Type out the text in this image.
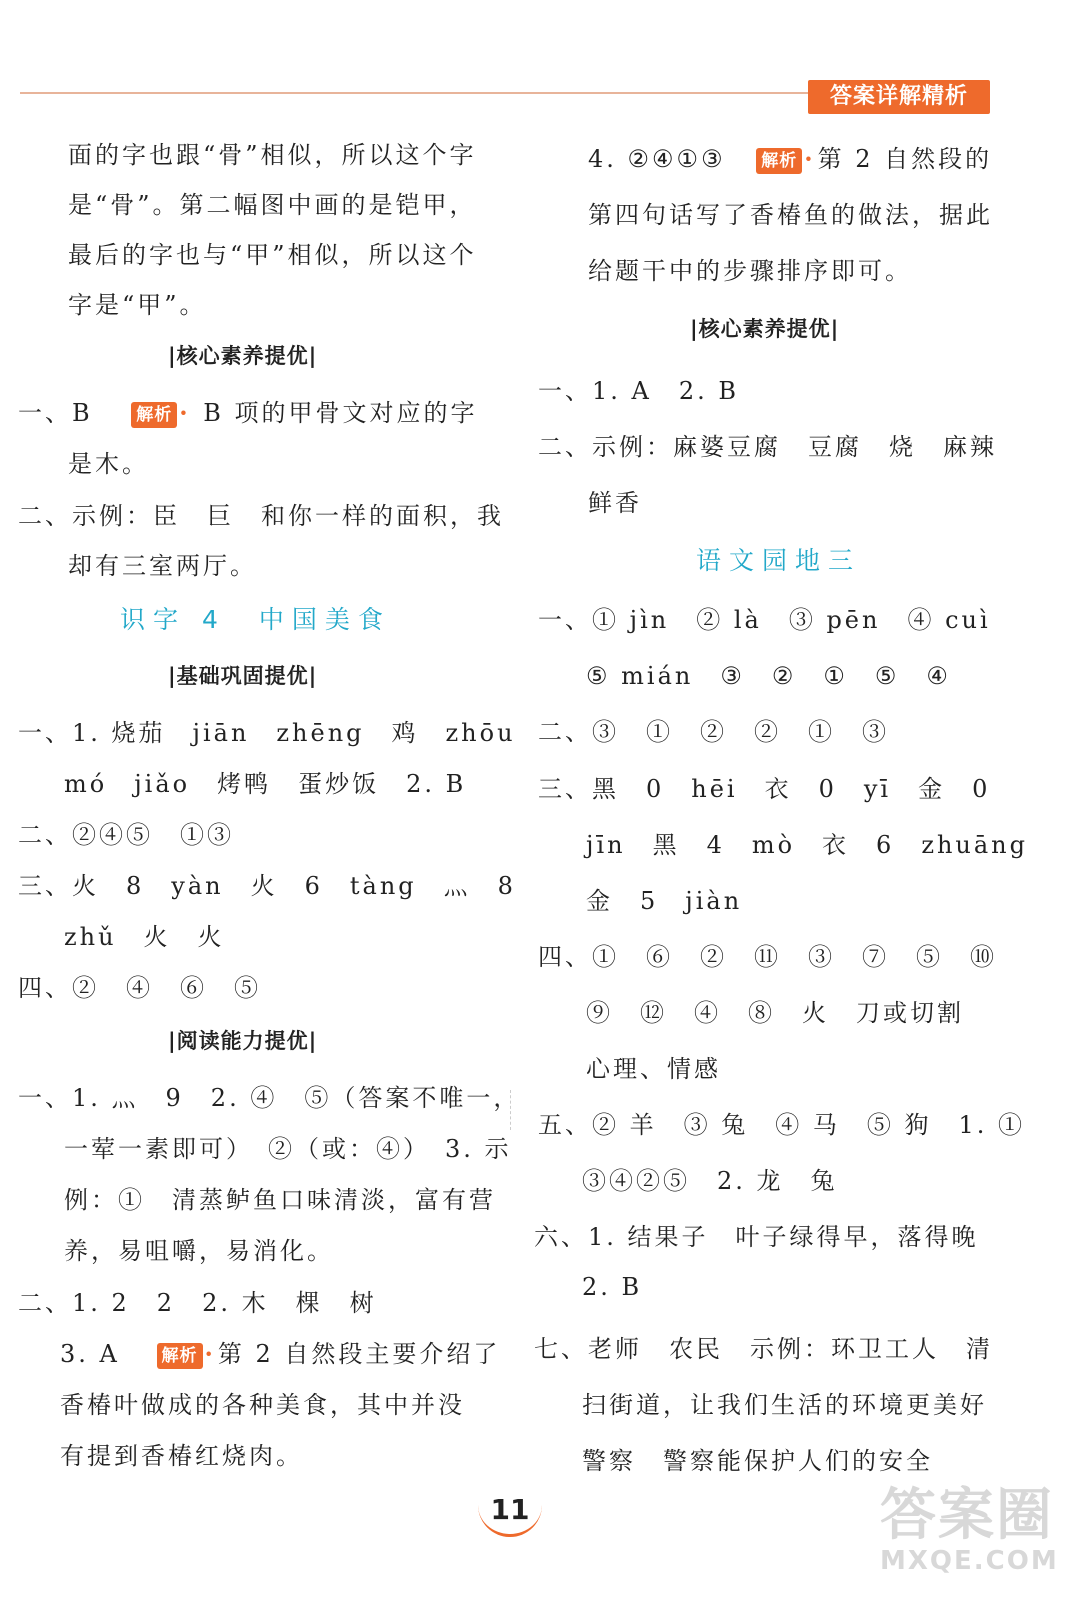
答案详解精析
面的字也跟“骨”相似，所以这个字
是“骨”。第二幅图中画的是铠甲，
最后的字也与“甲”相似，所以这个
字是“甲”。
|核心素养提优|
一、B	解析 · B 项的甲骨文对应的字
是木。
二、示例：臣　巨　和你一样的面积，我
却有三室两厅。
识字 4　中国美食
|基础巩固提优|
一、1. 烧茄　jiān　zhēng　鸡　zhōu
mó　jiǎo　烤鸭　蛋炒饭　2. B
二、②④⑤　①③
三、火　8　yàn　火　6　tàng　灬　8
zhǔ　火　火
四、②　④　⑥　⑤
|阅读能力提优|
一、1. 灬　9　2. ④　⑤（答案不唯一，
一荤一素即可）　②（或：④）　3. 示
例：①　清蒸鲈鱼口味清淡，富有营
养，易咀嚼，易消化。
二、1. 2　2　2. 木　棵　树
3. A 解析 ·第 2 自然段主要介绍了
香椿叶做成的各种美食，其中并没
有提到香椿红烧肉。
4. ②④①③ 解析 ·第 2 自然段的
第四句话写了香椿鱼的做法，据此
给题干中的步骤排序即可。
|核心素养提优|
一、1. A　2. B
二、示例：麻婆豆腐　豆腐　烧　麻辣
鲜香
语文园地三
一、① jìn　② là　③ pēn　④ cuì
⑤ mián　③　②　①　⑤　④
二、③　①　②　②　①　③
三、黑　0　hēi　衣　0　yī　金　0
jīn　黑　4　mò　衣　6　zhuāng
金　5　jiàn
四、①　⑥　②　⑪　③　⑦　⑤　⑩
⑨　⑫　④　⑧　火　刀或切割
心理、情感
五、② 羊　③ 兔　④ 马　⑤ 狗　1. ①
③④②⑤　2. 龙　兔
六、1. 结果子　叶子绿得早，落得晚
2. B
七、老师　农民　示例：环卫工人　清
扫街道，让我们生活的环境更美好
警察　警察能保护人们的安全
11	答案圈
MXQE.COM
